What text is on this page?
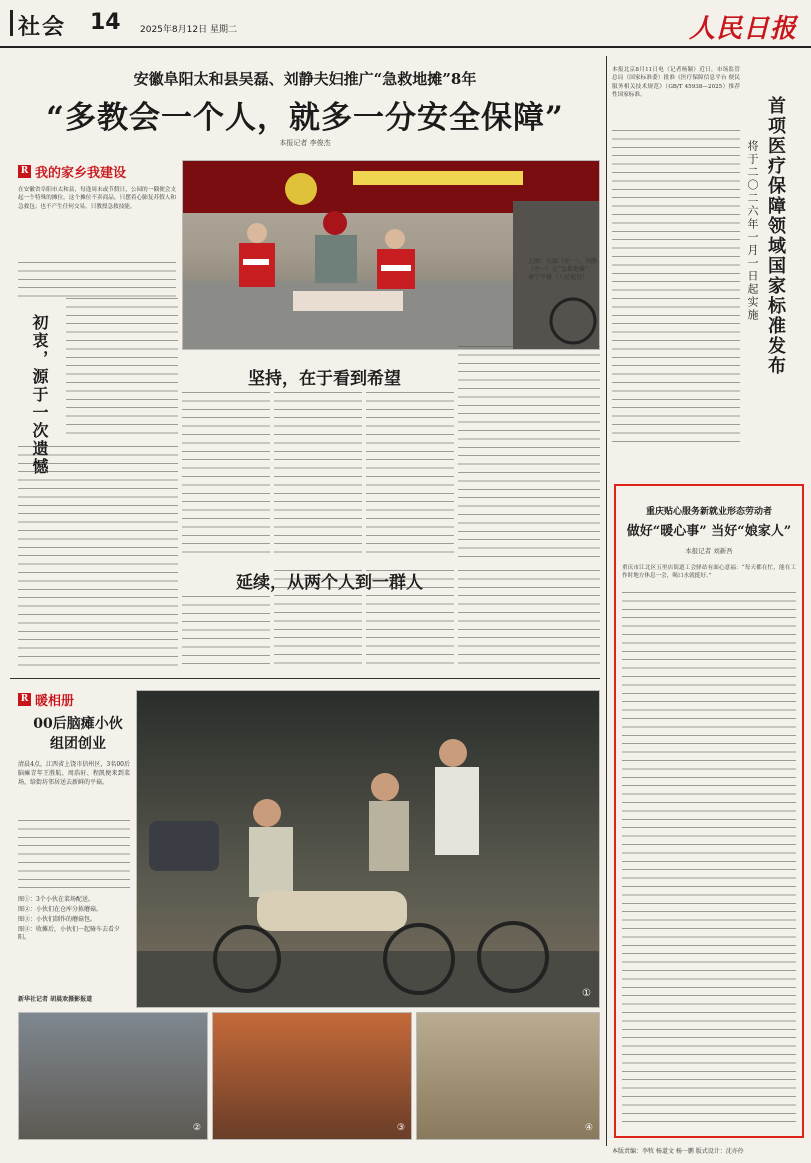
社会 14 2025年8月12日 星期二	人民日报
安徽阜阳太和县吴磊、刘静夫妇推广“急救地摊”8年
“多教会一个人，就多一分安全保障”
本报记者 李俊杰
R 我的家乡我建设
在安徽省阜阳市太和县，每逢周末或节假日，公园的一隅便会支起一个特殊的摊位。这个摊位不卖商品，只摆着心肺复苏假人和急救包；也不产生任何交易，只教授急救技能。
上图：吴磊（左一）、刘静（左一）在“急救地摊”。谢宁平摄（人民视觉）
初衷，源于一次遗憾	坚持，在于看到希望
延续，从两个人到一群人
R 暖相册
00后脑瘫小伙组团创业
清晨4点，江西省上饶市信州区，3名00后脑瘫青年王胜航、周浩轩、程凯便来到菜场，给街坊邻居送去新鲜的平菇。
图①：3个小伙在菜场配送。
图②：小伙们在仓库分拣蘑菇。
图③：小伙们制作的蘑菇包。
图④：收摊后，小伙们一起骑车去看夕阳。
新华社记者 胡晨欢摄影报道
①
②	③	④
本报北京8月11日电（记者杨颖）近日，市场监管总局（国家标准委）批准《医疗保障信息平台 便民服务相关技术规范》（GB/T 45938—2025）推荐性国家标准。
首项医疗保障领域国家标准发布
将于二〇二六年一月一日起实施
重庆贴心服务新就业形态劳动者
做好“暖心事” 当好“娘家人”
本报记者 刘新吾
重庆市江北区五里店街道工会驿站有面心意福：“每天都在忙，能在工作时地方休息一会，喝口水就挺好。”
本版责编：李牧 杨道文 杨一鹏 版式设计：沈亦伶
